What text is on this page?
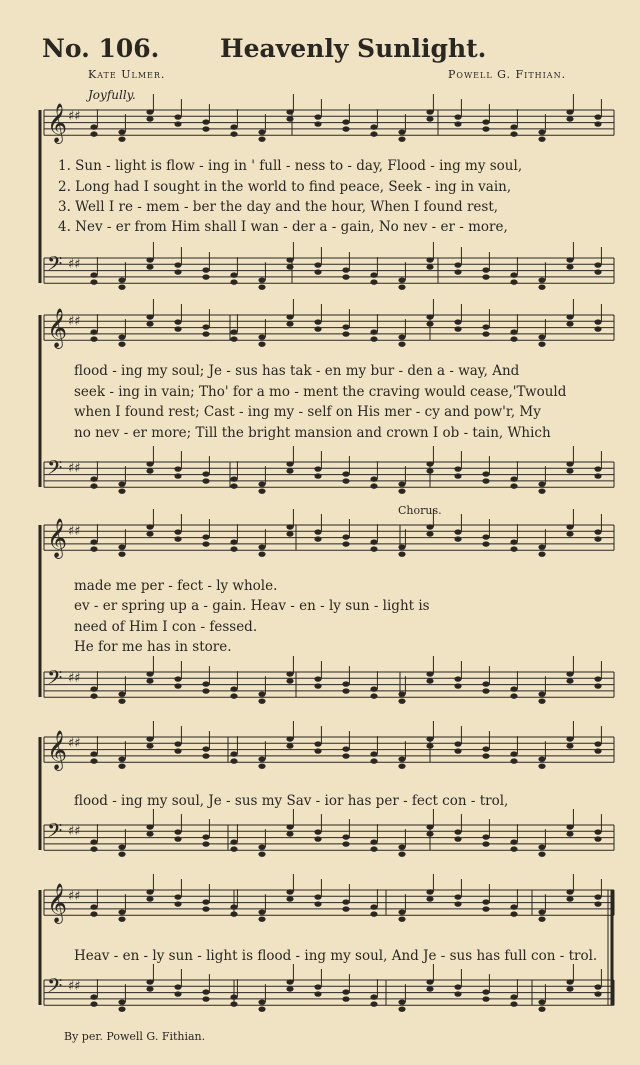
𝄞 ♯♯
𝄢 ♯♯
𝄞 ♯♯
𝄢 ♯♯
𝄞 ♯♯
𝄢 ♯♯
𝄞 ♯♯
𝄢 ♯♯
𝄞 ♯♯
𝄢 ♯♯
No. 106. Heavenly Sunlight.
Kate Ulmer.	Powell G. Fithian.
Joyfully.
Chorus.
1. Sun - light is flow - ing in ' full - ness to - day, Flood - ing my soul,
2. Long had I sought in the world to find peace, Seek - ing in vain,
3. Well I re - mem - ber the day and the hour, When I found rest,
4. Nev - er from Him shall I wan - der a - gain, No nev - er - more,
flood - ing my soul; Je - sus has tak - en my bur - den a - way, And
seek - ing in vain; Tho' for a mo - ment the craving would cease,'Twould
when I found rest; Cast - ing my - self on His mer - cy and pow'r, My
no nev - er more; Till the bright mansion and crown I ob - tain, Which
made me per - fect - ly whole.
ev - er spring up a - gain. Heav - en - ly sun - light is
need of Him I con - fessed.
He for me has in store.
flood - ing my soul, Je - sus my Sav - ior has per - fect con - trol,
Heav - en - ly sun - light is flood - ing my soul, And Je - sus has full con - trol.
By per. Powell G. Fithian.
